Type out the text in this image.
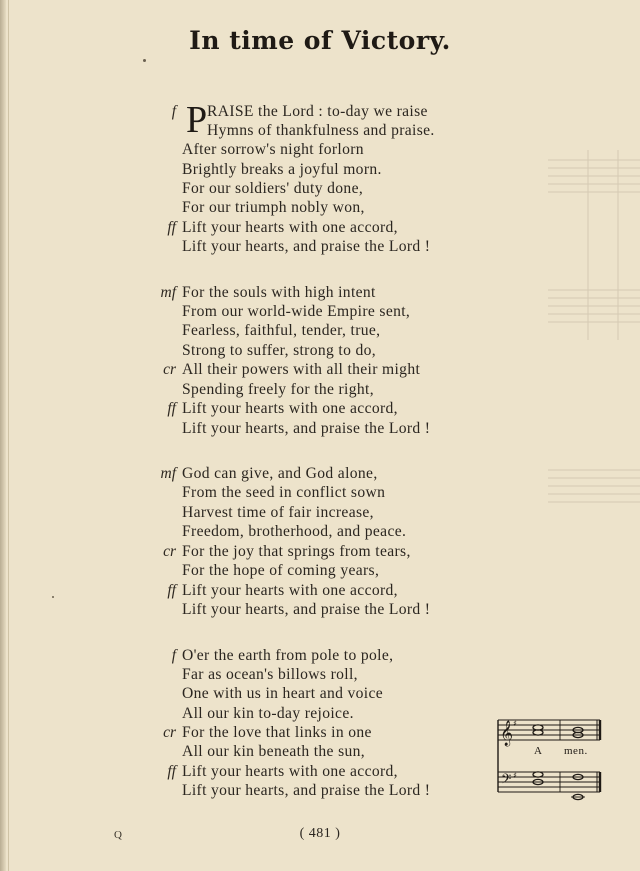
In time of Victory.
P
f RAISE the Lord : to-day we raise
Hymns of thankfulness and praise.
After sorrow's night forlorn
Brightly breaks a joyful morn.
For our soldiers' duty done,
For our triumph nobly won,
ff Lift your hearts with one accord,
Lift your hearts, and praise the Lord !
mf For the souls with high intent
From our world-wide Empire sent,
Fearless, faithful, tender, true,
Strong to suffer, strong to do,
cr All their powers with all their might
Spending freely for the right,
ff Lift your hearts with one accord,
Lift your hearts, and praise the Lord !
mf God can give, and God alone,
From the seed in conflict sown
Harvest time of fair increase,
Freedom, brotherhood, and peace.
cr For the joy that springs from tears,
For the hope of coming years,
ff Lift your hearts with one accord,
Lift your hearts, and praise the Lord !
f O'er the earth from pole to pole,
Far as ocean's billows roll,
One with us in heart and voice
All our kin to-day rejoice.
cr For the love that links in one
All our kin beneath the sun,
ff Lift your hearts with one accord,
Lift your hearts, and praise the Lord !
𝄞
𝄢
♯
♯
A men.
Q	( 481 )
